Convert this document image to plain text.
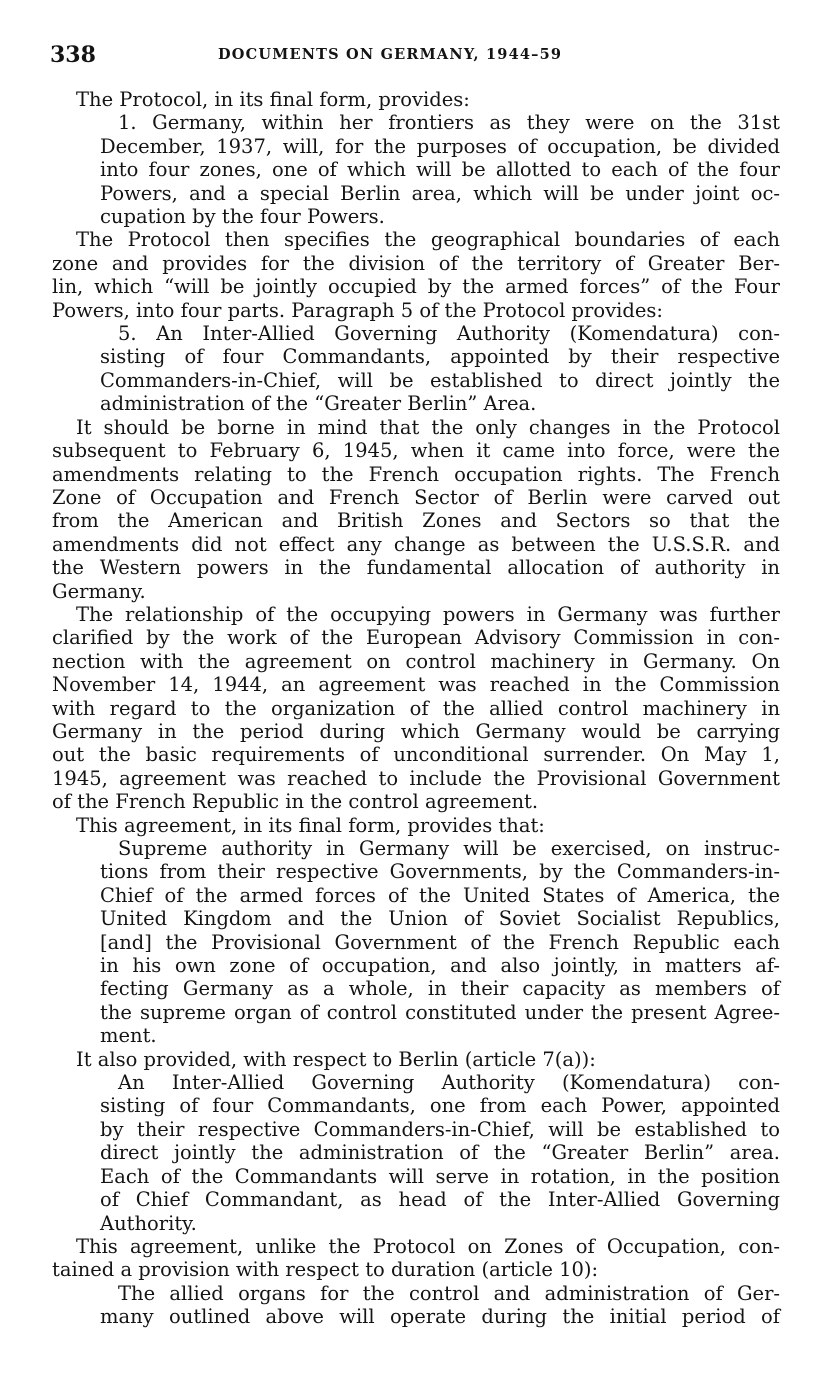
338	DOCUMENTS ON GERMANY, 1944–59

The Protocol, in its final form, provides:

1. Germany, within her frontiers as they were on the 31st
December, 1937, will, for the purposes of occupation, be divided
into four zones, one of which will be allotted to each of the four
Powers, and a special Berlin area, which will be under joint oc-
cupation by the four Powers.

The Protocol then specifies the geographical boundaries of each
zone and provides for the division of the territory of Greater Ber-
lin, which “will be jointly occupied by the armed forces” of the Four
Powers, into four parts. Paragraph 5 of the Protocol provides:

5. An Inter-Allied Governing Authority (Komendatura) con-
sisting of four Commandants, appointed by their respective
Commanders-in-Chief, will be established to direct jointly the
administration of the “Greater Berlin” Area.

It should be borne in mind that the only changes in the Protocol
subsequent to February 6, 1945, when it came into force, were the
amendments relating to the French occupation rights. The French
Zone of Occupation and French Sector of Berlin were carved out
from the American and British Zones and Sectors so that the
amendments did not effect any change as between the U.S.S.R. and
the Western powers in the fundamental allocation of authority in
Germany.

The relationship of the occupying powers in Germany was further
clarified by the work of the European Advisory Commission in con-
nection with the agreement on control machinery in Germany. On
November 14, 1944, an agreement was reached in the Commission
with regard to the organization of the allied control machinery in
Germany in the period during which Germany would be carrying
out the basic requirements of unconditional surrender. On May 1,
1945, agreement was reached to include the Provisional Government
of the French Republic in the control agreement.

This agreement, in its final form, provides that:

Supreme authority in Germany will be exercised, on instruc-
tions from their respective Governments, by the Commanders-in-
Chief of the armed forces of the United States of America, the
United Kingdom and the Union of Soviet Socialist Republics,
[and] the Provisional Government of the French Republic each
in his own zone of occupation, and also jointly, in matters af-
fecting Germany as a whole, in their capacity as members of
the supreme organ of control constituted under the present Agree-
ment.

It also provided, with respect to Berlin (article 7(a)):

An Inter-Allied Governing Authority (Komendatura) con-
sisting of four Commandants, one from each Power, appointed
by their respective Commanders-in-Chief, will be established to
direct jointly the administration of the “Greater Berlin” area.
Each of the Commandants will serve in rotation, in the position
of Chief Commandant, as head of the Inter-Allied Governing
Authority.

This agreement, unlike the Protocol on Zones of Occupation, con-
tained a provision with respect to duration (article 10):

The allied organs for the control and administration of Ger-
many outlined above will operate during the initial period of
